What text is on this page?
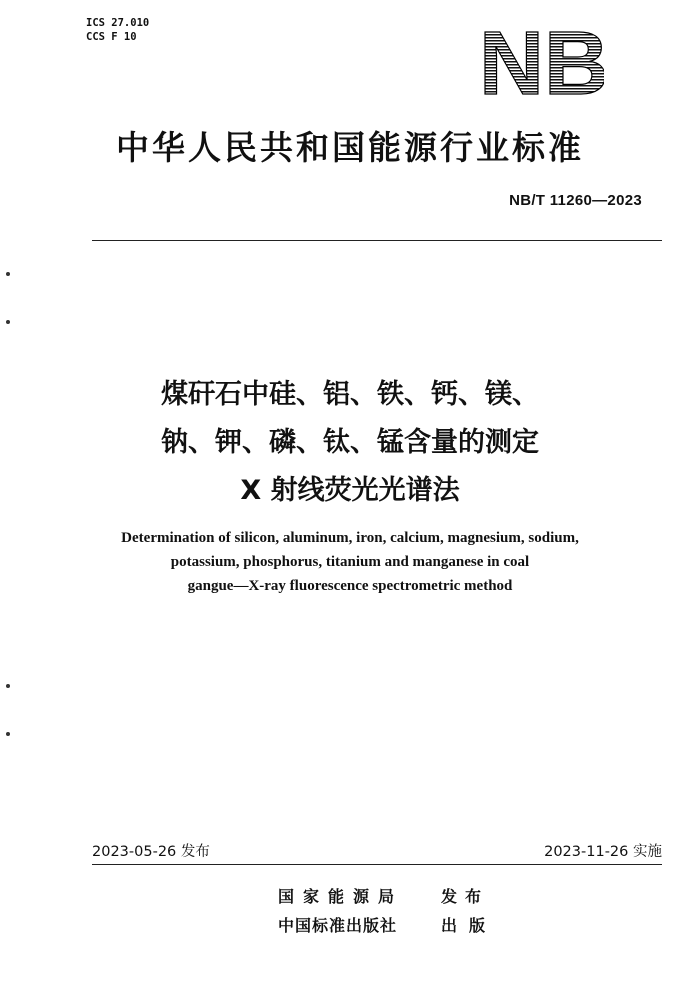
ICS 27.010
CCS F 10	NB
中华人民共和国能源行业标准
NB/T 11260—2023
煤矸石中硅、铝、铁、钙、镁、
钠、钾、磷、钛、锰含量的测定
X 射线荧光光谱法
Determination of silicon, aluminum, iron, calcium, magnesium, sodium,
potassium, phosphorus, titanium and manganese in coal
gangue—X-ray fluorescence spectrometric method
2023-05-26 发布	2023-11-26 实施
国家能源局 发布
中国标准出版社	出版
